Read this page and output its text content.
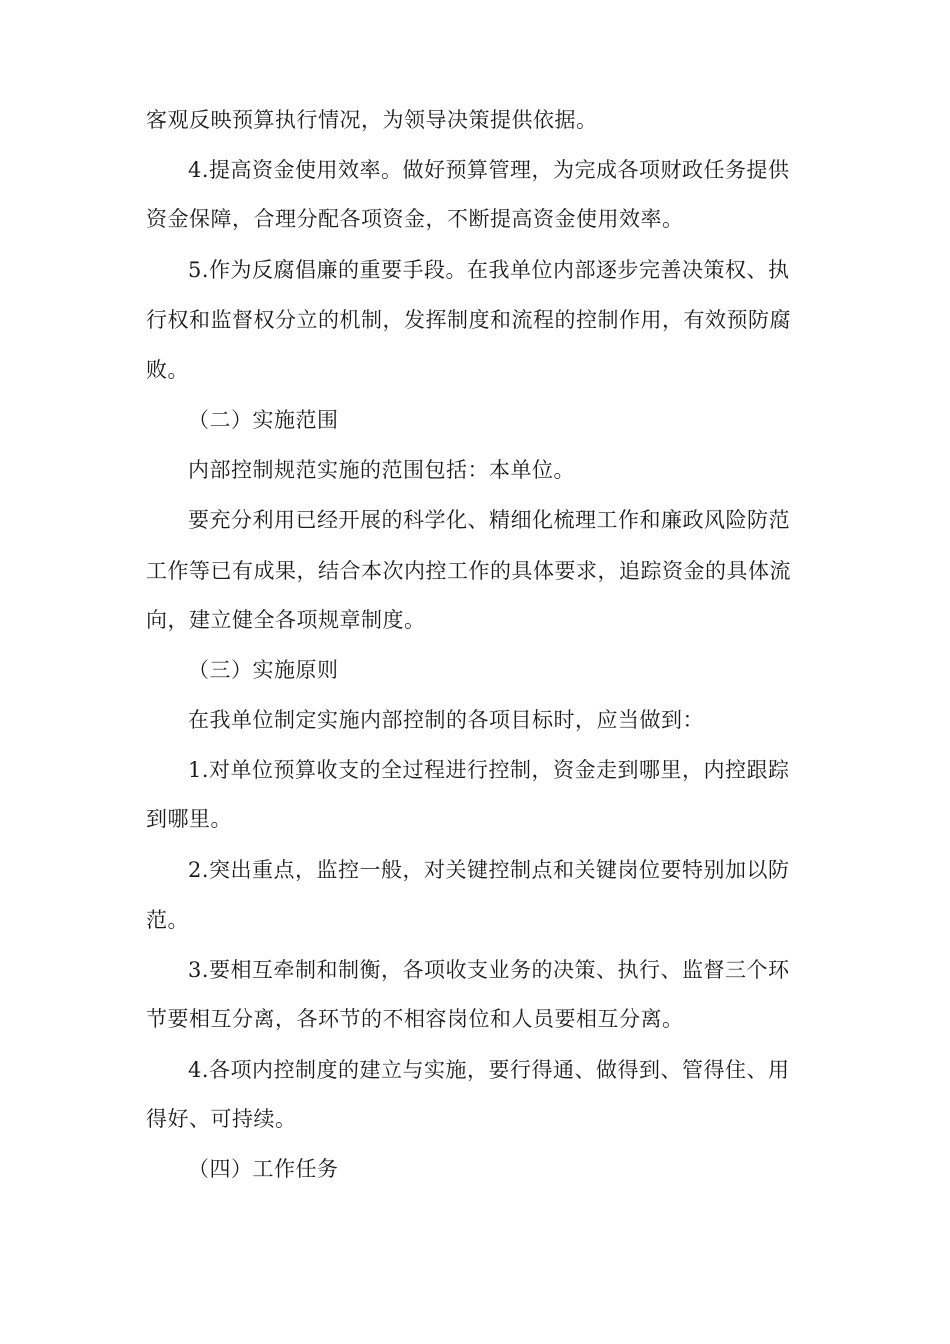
客观反映预算执行情况，为领导决策提供依据。
4.提高资金使用效率。做好预算管理，为完成各项财政任务提供
资金保障，合理分配各项资金，不断提高资金使用效率。
5.作为反腐倡廉的重要手段。在我单位内部逐步完善决策权、执
行权和监督权分立的机制，发挥制度和流程的控制作用，有效预防腐
败。
（二）实施范围
内部控制规范实施的范围包括：本单位。
要充分利用已经开展的科学化、精细化梳理工作和廉政风险防范
工作等已有成果，结合本次内控工作的具体要求，追踪资金的具体流
向，建立健全各项规章制度。
（三）实施原则
在我单位制定实施内部控制的各项目标时，应当做到：
1.对单位预算收支的全过程进行控制，资金走到哪里，内控跟踪
到哪里。
2.突出重点，监控一般，对关键控制点和关键岗位要特别加以防
范。
3.要相互牵制和制衡，各项收支业务的决策、执行、监督三个环
节要相互分离，各环节的不相容岗位和人员要相互分离。
4.各项内控制度的建立与实施，要行得通、做得到、管得住、用
得好、可持续。
（四）工作任务
